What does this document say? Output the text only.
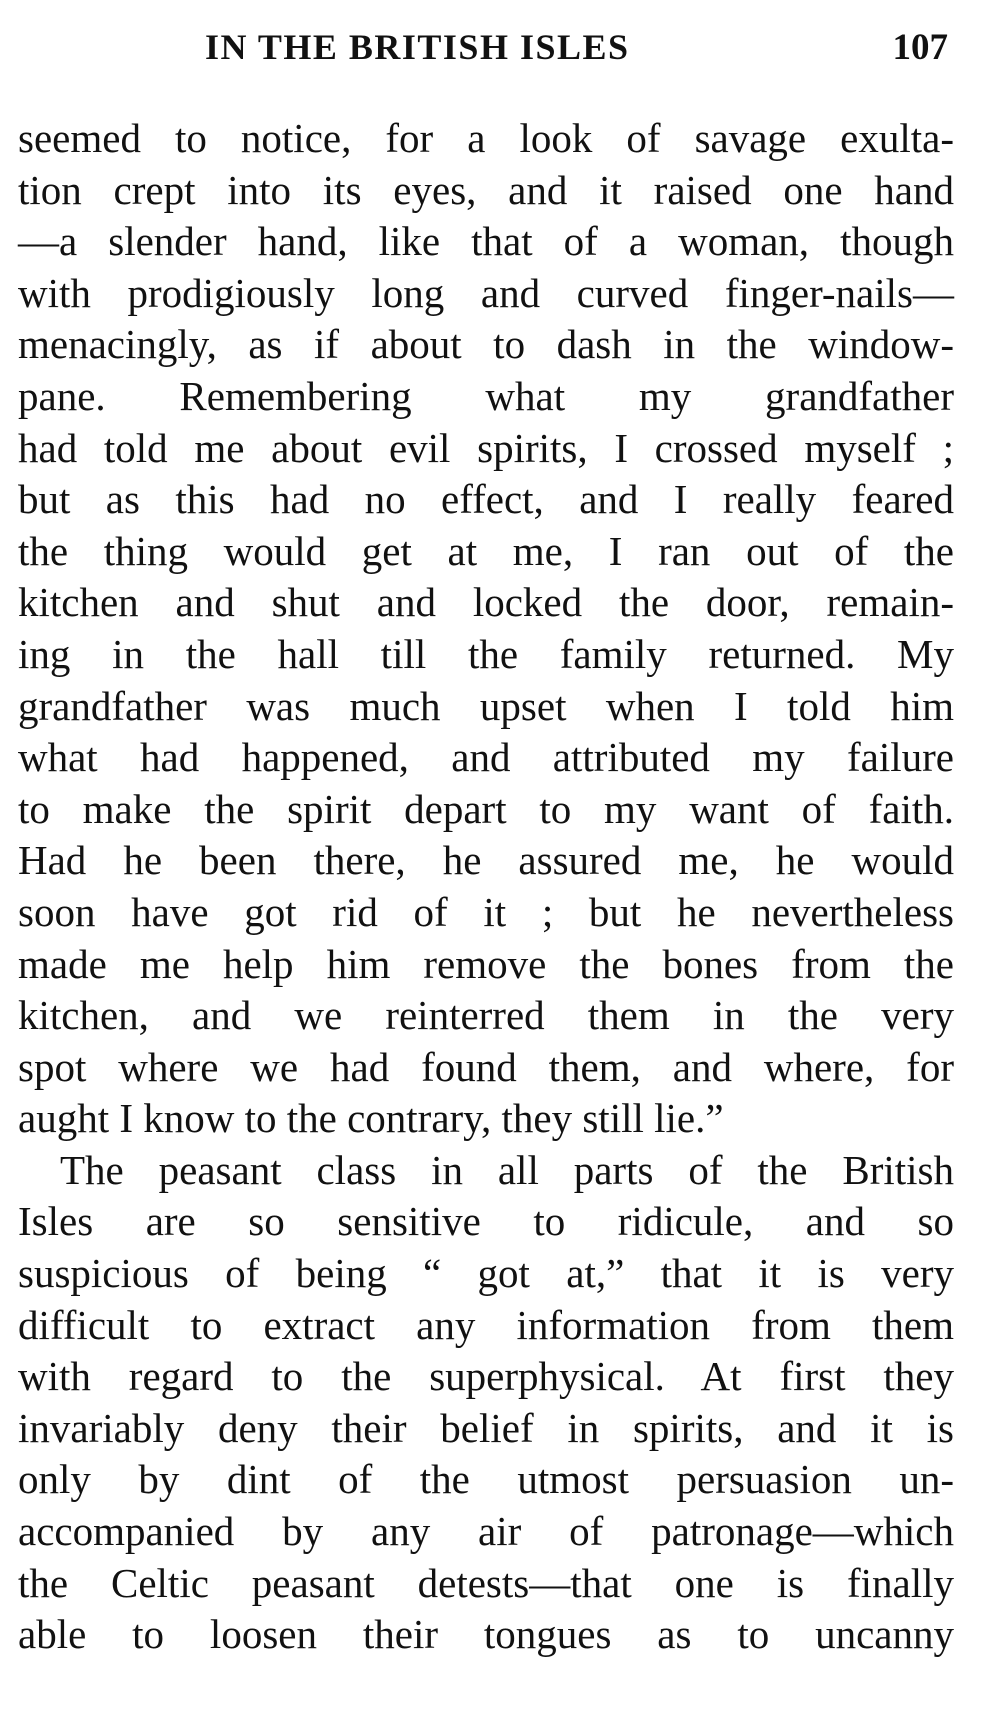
IN THE BRITISH ISLES	107
seemed to notice, for a look of savage exulta-
tion crept into its eyes, and it raised one hand
—a slender hand, like that of a woman, though
with prodigiously long and curved finger-nails—
menacingly, as if about to dash in the window-
pane. Remembering what my grandfather
had told me about evil spirits, I crossed myself ;
but as this had no effect, and I really feared
the thing would get at me, I ran out of the
kitchen and shut and locked the door, remain-
ing in the hall till the family returned. My
grandfather was much upset when I told him
what had happened, and attributed my failure
to make the spirit depart to my want of faith.
Had he been there, he assured me, he would
soon have got rid of it ; but he nevertheless
made me help him remove the bones from the
kitchen, and we reinterred them in the very
spot where we had found them, and where, for
aught I know to the contrary, they still lie.”
The peasant class in all parts of the British
Isles are so sensitive to ridicule, and so
suspicious of being “ got at,” that it is very
difficult to extract any information from them
with regard to the superphysical. At first they
invariably deny their belief in spirits, and it is
only by dint of the utmost persuasion un-
accompanied by any air of patronage—which
the Celtic peasant detests—that one is finally
able to loosen their tongues as to uncanny
